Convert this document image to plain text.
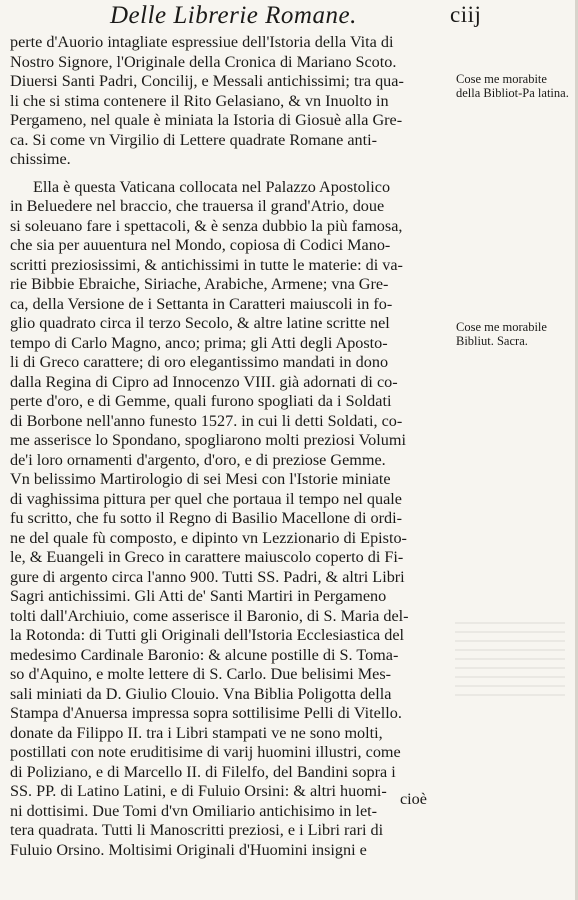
Delle Librerie Romane.	ciij
perte d'Auorio intagliate espressiue dell'Istoria della Vita di
Nostro Signore, l'Originale della Cronica di Mariano Scoto.
Diuersi Santi Padri, Concilij, e Messali antichissimi; tra qua-
li che si stima contenere il Rito Gelasiano, & vn Inuolto in
Pergameno, nel quale è miniata la Istoria di Giosuè alla Gre-
ca. Si come vn Virgilio di Lettere quadrate Romane anti-
chissime.
Ella è questa Vaticana collocata nel Palazzo Apostolico
in Beluedere nel braccio, che trauersa il grand'Atrio, doue
si soleuano fare i spettacoli, & è senza dubbio la più famosa,
che sia per auuentura nel Mondo, copiosa di Codici Mano-
scritti preziosissimi, & antichissimi in tutte le materie: di va-
rie Bibbie Ebraiche, Siriache, Arabiche, Armene; vna Gre-
ca, della Versione de i Settanta in Caratteri maiuscoli in fo-
glio quadrato circa il terzo Secolo, & altre latine scritte nel
tempo di Carlo Magno, anco; prima; gli Atti degli Aposto-
li di Greco carattere; di oro elegantissimo mandati in dono
dalla Regina di Cipro ad Innocenzo VIII. già adornati di co-
perte d'oro, e di Gemme, quali furono spogliati da i Soldati
di Borbone nell'anno funesto 1527. in cui li detti Soldati, co-
me asserisce lo Spondano, spogliarono molti preziosi Volumi
de'i loro ornamenti d'argento, d'oro, e di preziose Gemme.
Vn belissimo Martirologio di sei Mesi con l'Istorie miniate
di vaghissima pittura per quel che portaua il tempo nel quale
fu scritto, che fu sotto il Regno di Basilio Macellone di ordi-
ne del quale fù composto, e dipinto vn Lezzionario di Episto-
le, & Euangeli in Greco in carattere maiuscolo coperto di Fi-
gure di argento circa l'anno 900. Tutti SS. Padri, & altri Libri
Sagri antichissimi. Gli Atti de' Santi Martiri in Pergameno
tolti dall'Archiuio, come asserisce il Baronio, di S. Maria del-
la Rotonda: di Tutti gli Originali dell'Istoria Ecclesiastica del
medesimo Cardinale Baronio: & alcune postille di S. Toma-
so d'Aquino, e molte lettere di S. Carlo. Due belisimi Mes-
sali miniati da D. Giulio Clouio. Vna Biblia Poligotta della
Stampa d'Anuersa impressa sopra sottilisime Pelli di Vitello.
donate da Filippo II. tra i Libri stampati ve ne sono molti,
postillati con note eruditisime di varij huomini illustri, come
di Poliziano, e di Marcello II. di Filelfo, del Bandini sopra i
SS. PP. di Latino Latini, e di Fuluio Orsini: & altri huomi-
ni dottisimi. Due Tomi d'vn Omiliario antichisimo in let-
tera quadrata. Tutti li Manoscritti preziosi, e i Libri rari di
Fuluio Orsino. Moltisimi Originali d'Huomini insigni e
cioè
Cose me morabite della Bibliot-Pa latina.
Cose me morabile Bibliut. Sacra.
